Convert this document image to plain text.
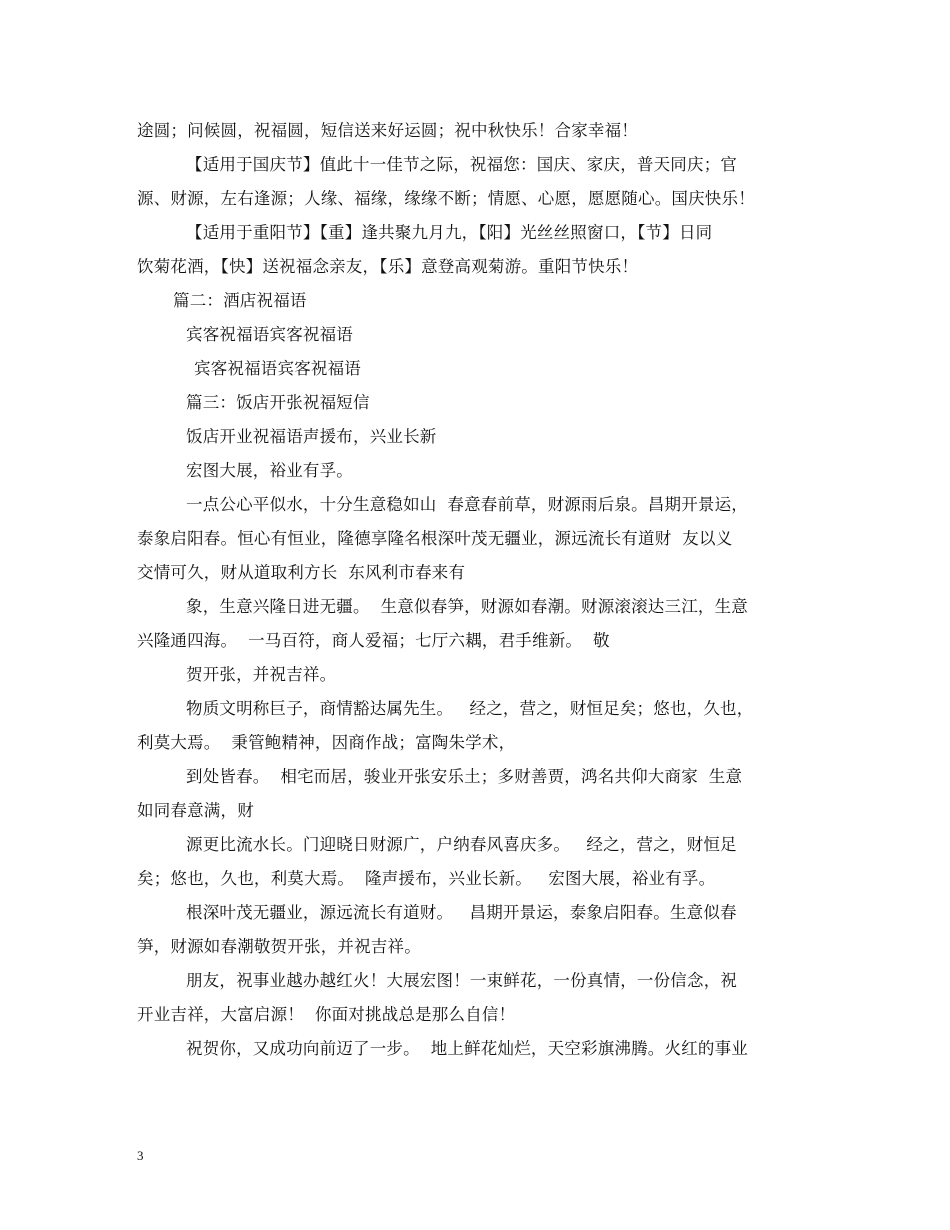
途圆；问候圆，祝福圆，短信送来好运圆；祝中秋快乐！合家幸福！
【适用于国庆节】值此十一佳节之际，祝福您：国庆、家庆，普天同庆；官
源、财源，左右逢源；人缘、福缘，缘缘不断；情愿、心愿，愿愿随心。国庆快乐！
【适用于重阳节】【重】逢共聚九月九，【阳】光丝丝照窗口，【节】日同
饮菊花酒，【快】送祝福念亲友，【乐】意登高观菊游。重阳节快乐！
篇二：酒店祝福语
宾客祝福语宾客祝福语
宾客祝福语宾客祝福语
篇三：饭店开张祝福短信
饭店开业祝福语声援布，兴业长新
宏图大展，裕业有孚。
一点公心平似水，十分生意稳如山  春意春前草，财源雨后泉。昌期开景运，
泰象启阳春。恒心有恒业，隆德享隆名根深叶茂无疆业，源远流长有道财  友以义
交情可久，财从道取利方长  东风利市春来有
象，生意兴隆日进无疆。  生意似春笋，财源如春潮。财源滚滚达三江，生意
兴隆通四海。  一马百符，商人爱福；七厅六耦，君手维新。  敬
贺开张，并祝吉祥。
物质文明称巨子，商情豁达属先生。   经之，营之，财恒足矣；悠也，久也，
利莫大焉。  秉管鲍精神，因商作战；富陶朱学术，
到处皆春。  相宅而居，骏业开张安乐土；多财善贾，鸿名共仰大商家  生意
如同春意满，财
源更比流水长。门迎晓日财源广，户纳春风喜庆多。   经之，营之，财恒足
矣；悠也，久也，利莫大焉。  隆声援布，兴业长新。   宏图大展，裕业有孚。
根深叶茂无疆业，源远流长有道财。   昌期开景运，泰象启阳春。生意似春
笋，财源如春潮敬贺开张，并祝吉祥。
朋友，祝事业越办越红火！大展宏图！一束鲜花，一份真情，一份信念，祝
开业吉祥，大富启源！  你面对挑战总是那么自信！
祝贺你，又成功向前迈了一步。  地上鲜花灿烂，天空彩旗沸腾。火红的事业
3
